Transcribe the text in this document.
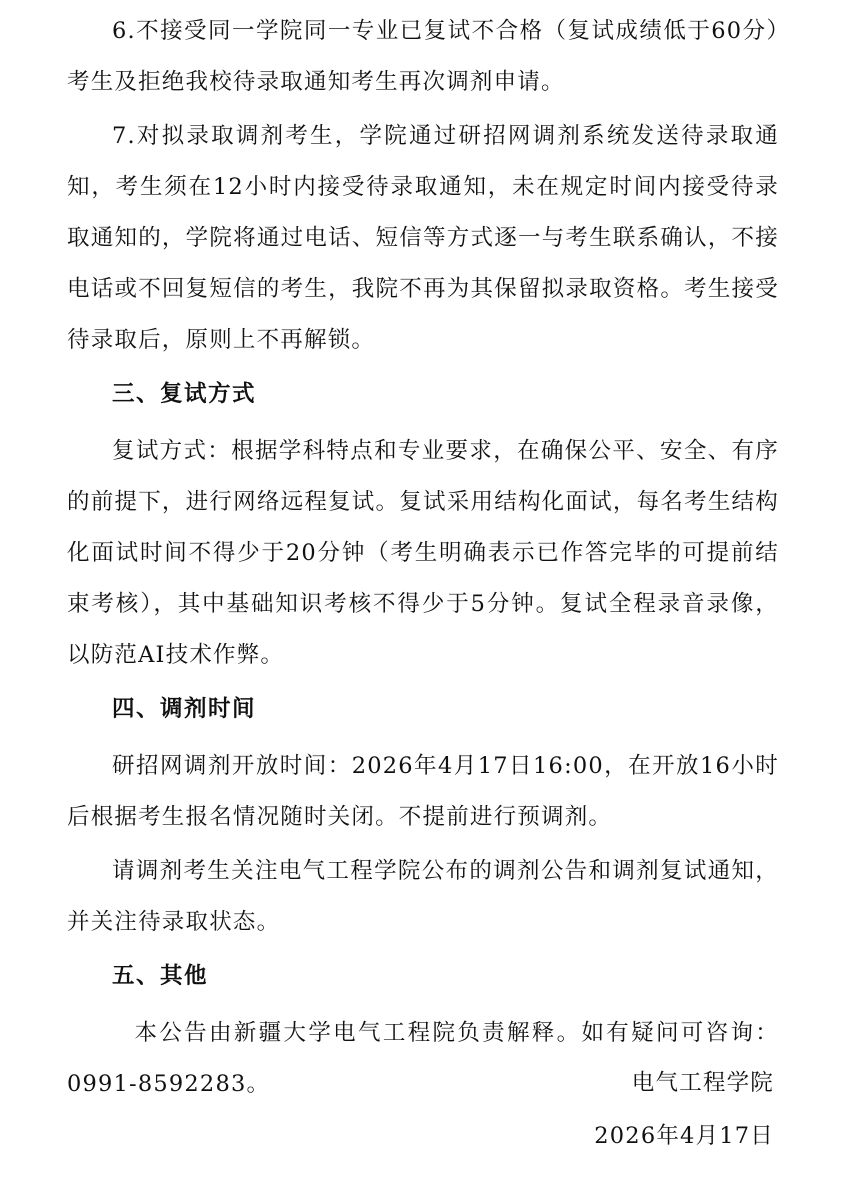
6.不接受同一学院同一专业已复试不合格（复试成绩低于60分）考生及拒绝我校待录取通知考生再次调剂申请。

7.对拟录取调剂考生，学院通过研招网调剂系统发送待录取通知，考生须在12小时内接受待录取通知，未在规定时间内接受待录取通知的，学院将通过电话、短信等方式逐一与考生联系确认，不接电话或不回复短信的考生，我院不再为其保留拟录取资格。考生接受待录取后，原则上不再解锁。

三、复试方式

复试方式：根据学科特点和专业要求，在确保公平、安全、有序的前提下，进行网络远程复试。复试采用结构化面试，每名考生结构化面试时间不得少于20分钟（考生明确表示已作答完毕的可提前结束考核），其中基础知识考核不得少于5分钟。复试全程录音录像，以防范AI技术作弊。

四、调剂时间

研招网调剂开放时间：2026年4月17日16:00，在开放16小时后根据考生报名情况随时关闭。不提前进行预调剂。

请调剂考生关注电气工程学院公布的调剂公告和调剂复试通知，并关注待录取状态。

五、其他

本公告由新疆大学电气工程院负责解释。如有疑问可咨询：0991-8592283。	电气工程学院
2026年4月17日
